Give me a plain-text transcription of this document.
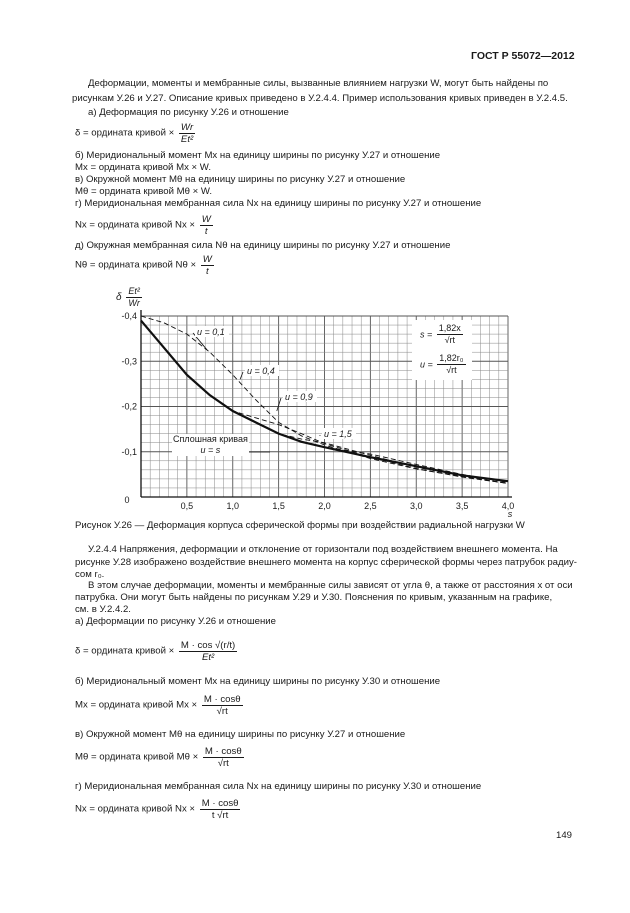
ГОСТ Р 55072—2012
Деформации, моменты и мембранные силы, вызванные влиянием нагрузки W, могут быть найдены по
рисункам У.26 и У.27. Описание кривых приведено в У.2.4.4. Пример использования кривых приведен в У.2.4.5.
а) Деформация по рисунку У.26 и отношение
δ = ордината кривой × $\frac{Wr}{\text{Et²}}$
б) Меридиональный момент Mx на единицу ширины по рисунку У.27 и отношение
Mx = ордината кривой Mx × W.
в) Окружной момент Mθ на единицу ширины по рисунку У.27 и отношение
Mθ = ордината кривой Mθ × W.
г) Меридиональная мембранная сила Nx на единицу ширины по рисунку У.27 и отношение
Nx = ордината кривой $Nx \times \frac{W}{t}$
д) Окружная мембранная сила Nθ на единицу ширины по рисунку У.27 и отношение
Nθ = ордината кривой $N\theta \times \frac{W}{t}$
0,5	1,0	1,5	2,0	2,5	3,0	3,5	4,0
0
-0,4
-0,3
-0,2
-0,1
s
u = 0,1
u = 0,4
u = 0,9
u = 1,5
δ $\frac{\text{Et²}}{Wr}$
$s = \frac{1,82x}{√rt}$
$u = \frac{\text{1,82r₀}}{√rt}$
Сплошная кривая
u = s
Рисунок У.26 — Деформация корпуса сферической формы при воздействии радиальной нагрузки W
У.2.4.4 Напряжения, деформации и отклонение от горизонтали под воздействием внешнего момента. На
рисунке У.28 изображено воздействие внешнего момента на корпус сферической формы через патрубок радиу-
сом r₀.
В этом случае деформации, моменты и мембранные силы зависят от угла θ, а также от расстояния x от оси
патрубка. Они могут быть найдены по рисункам У.29 и У.30. Пояснения по кривым, указанным на графике,
см. в У.2.4.2.
а) Деформации по рисунку У.26 и отношение
δ = ордината кривой × $\frac{M \cdot \cos √(r/t)}{\text{Et²}}$
б) Меридиональный момент Mx на единицу ширины по рисунку У.30 и отношение
Mx = ордината кривой $Mx \times \frac{M \cdot \cos\theta}{√rt}$
в) Окружной момент Mθ на единицу ширины по рисунку У.27 и отношение
Mθ = ордината кривой $M\theta \times \frac{M \cdot \cos\theta}{√rt}$
г) Меридиональная мембранная сила Nx на единицу ширины по рисунку У.30 и отношение
Nx = ордината кривой $Nx \times \frac{M \cdot \cos\theta}{t √rt}$
149
